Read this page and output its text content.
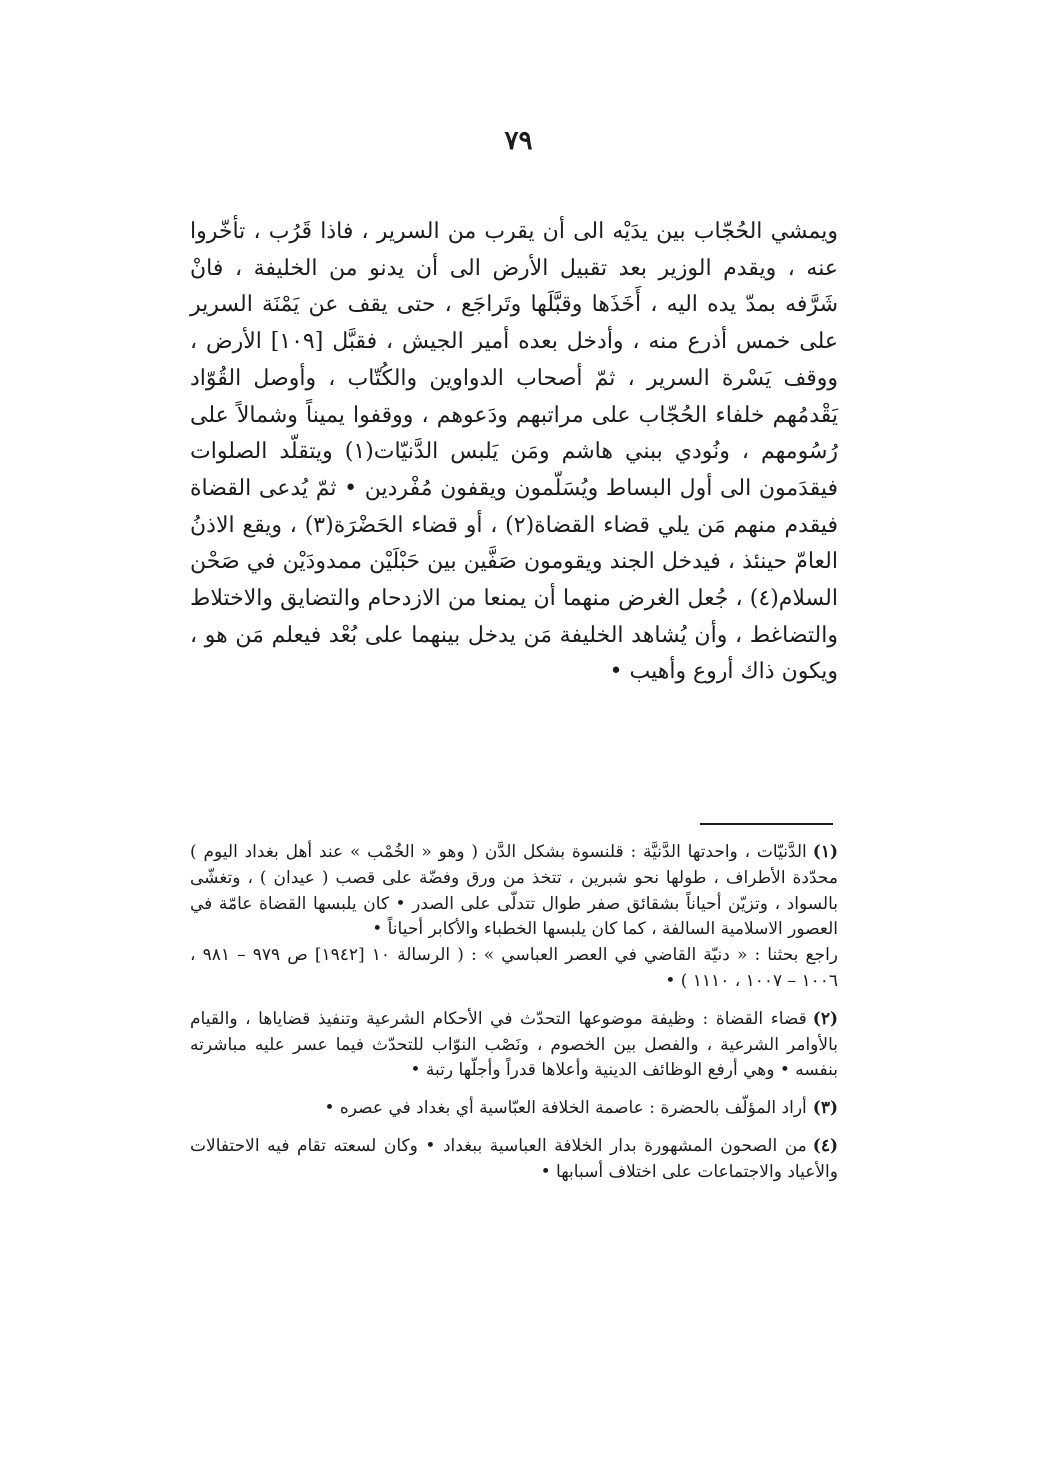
٧٩

ويمشي الحُجّاب بين يدَيْه الى أن يقرب من السرير ، فاذا قَرُب ، تأخّروا عنه ، ويقدم الوزير بعد تقبيل الأرض الى أن يدنو من الخليفة ، فانْ شَرَّفه بمدّ يده اليه ، أَخَذَها وقبَّلَها وتَراجَع ، حتى يقف عن يَمْنَة السرير على خمس أذرع منه ، وأدخل بعده أمير الجيش ، فقبَّل [١٠٩] الأرض ، ووقف يَسْرة السرير ، ثمّ أصحاب الدواوين والكُتّاب ، وأوصل القُوّاد يَقْدمُهم خلفاء الحُجّاب على مراتبهم ودَعوهم ، ووقفوا يميناً وشمالاً على رُسُومهم ، ونُودي ببني هاشم ومَن يَلبس الدَّنيّات(١) ويتقلّد الصلوات فيقدَمون الى أول البساط ويُسَلّمون ويقفون مُفْردين • ثمّ يُدعى القضاة فيقدم منهم مَن يلي قضاء القضاة(٢) ، أو قضاء الحَضْرَة(٣) ، ويقع الاذنُ العامّ حينئذ ، فيدخل الجند ويقومون صَفَّين بين حَبْلَيْن ممدودَيْن في صَحْن السلام(٤) ، جُعل الغرض منهما أن يمنعا من الازدحام والتضايق والاختلاط والتضاغط ، وأن يُشاهد الخليفة مَن يدخل بينهما على بُعْد فيعلم مَن هو ، ويكون ذاك أروع وأهيب •

(١)الدَّنيّات ، واحدتها الدَّنيَّة : قلنسوة بشكل الدَّن ( وهو « الخُمْب » عند أهل بغداد اليوم ) محدّدة الأطراف ، طولها نحو شبرين ، تتخذ من ورق وفضّة على قصب ( عيدان ) ، وتغشّى بالسواد ، وتزيّن أحياناً بشقائق صفر طوال تتدلّى على الصدر • كان يلبسها القضاة عامّة في العصور الاسلامية السالفة ، كما كان يلبسها الخطباء والأكابر أحياناً •
راجع بحثنا : « دنيّة القاضي في العصر العباسي » : ( الرسالة ١٠ [١٩٤٢] ص ٩٧٩ – ٩٨١ ، ١٠٠٦ – ١٠٠٧ ، ١١١٠ ) •
(٢)قضاء القضاة : وظيفة موضوعها التحدّث في الأحكام الشرعية وتنفيذ قضاياها ، والقيام بالأوامر الشرعية ، والفصل بين الخصوم ، ونَصْب النوّاب للتحدّث فيما عسر عليه مباشرته بنفسه • وهي أرفع الوظائف الدينية وأعلاها قدراً وأجلّها رتبة •
(٣)أراد المؤلّف بالحضرة : عاصمة الخلافة العبّاسية أي بغداد في عصره •
(٤)من الصحون المشهورة بدار الخلافة العباسية ببغداد • وكان لسعته تقام فيه الاحتفالات والأعياد والاجتماعات على اختلاف أسبابها •
